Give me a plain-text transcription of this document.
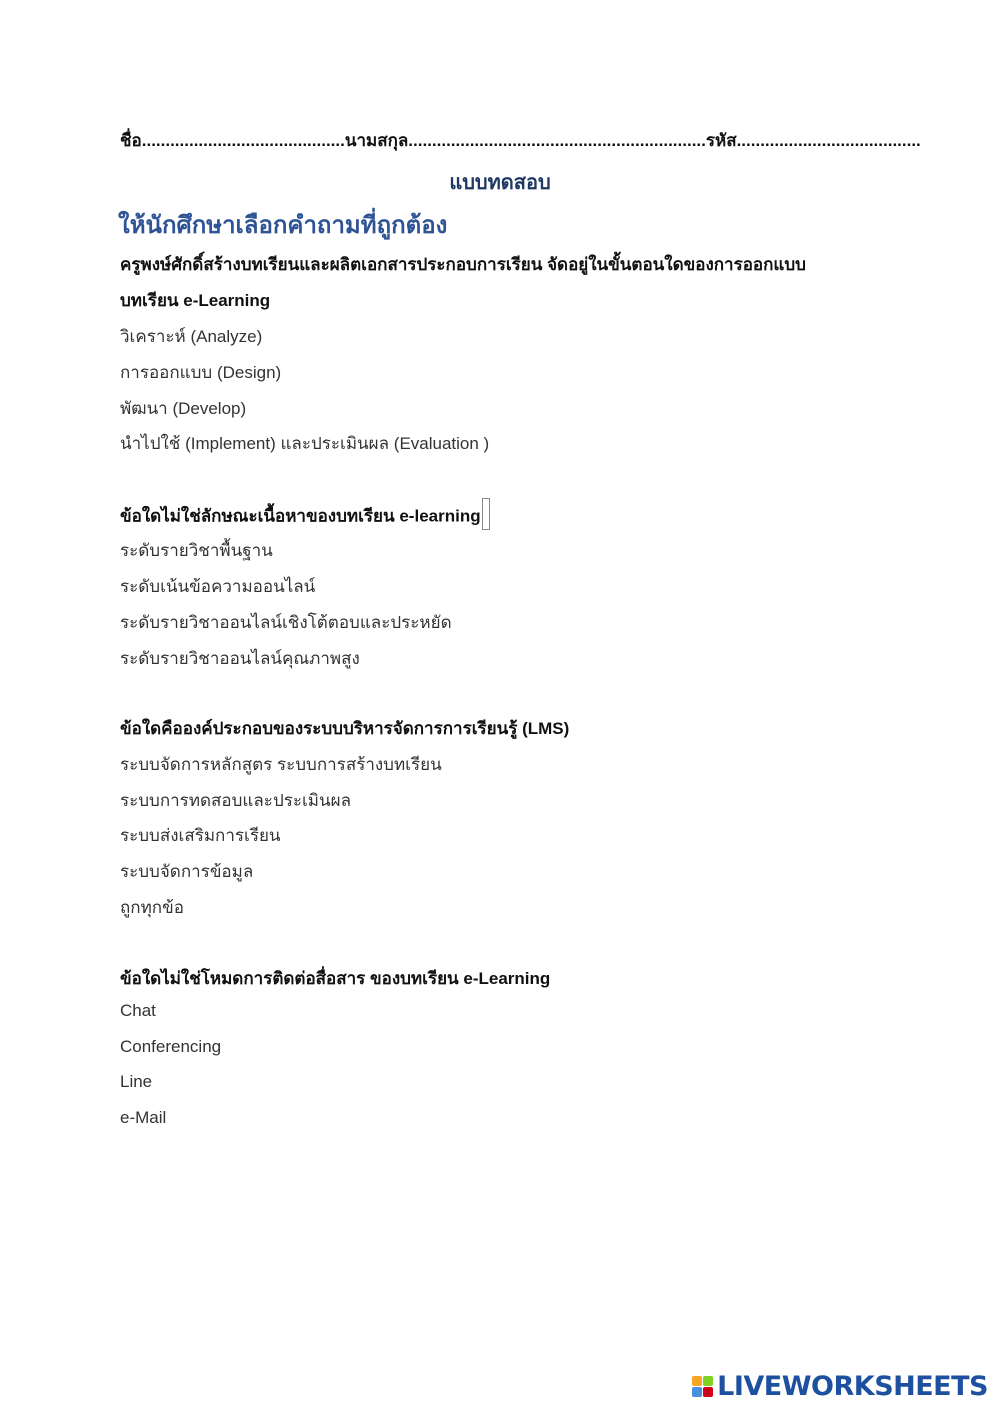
ชื่อ...........................................นามสกุล...............................................................รหัส.......................................
แบบทดสอบ
ให้นักศึกษาเลือกคำถามที่ถูกต้อง
ครูพงษ์ศักดิ์สร้างบทเรียนและผลิตเอกสารประกอบการเรียน จัดอยู่ในขั้นตอนใดของการออกแบบ
บทเรียน e-Learning
วิเคราะห์ (Analyze)
การออกแบบ (Design)
พัฒนา (Develop)
นำไปใช้ (Implement) และประเมินผล (Evaluation )
ข้อใดไม่ใช่ลักษณะเนื้อหาของบทเรียน e-learning
ระดับรายวิชาพื้นฐาน
ระดับเน้นข้อความออนไลน์
ระดับรายวิชาออนไลน์เชิงโต้ตอบและประหยัด
ระดับรายวิชาออนไลน์คุณภาพสูง
ข้อใดคือองค์ประกอบของระบบบริหารจัดการการเรียนรู้ (LMS)
ระบบจัดการหลักสูตร ระบบการสร้างบทเรียน
ระบบการทดสอบและประเมินผล
ระบบส่งเสริมการเรียน
ระบบจัดการข้อมูล
ถูกทุกข้อ
ข้อใดไม่ใช่โหมดการติดต่อสื่อสาร ของบทเรียน e-Learning
Chat
Conferencing
Line
e-Mail
LIVEWORKSHEETS
